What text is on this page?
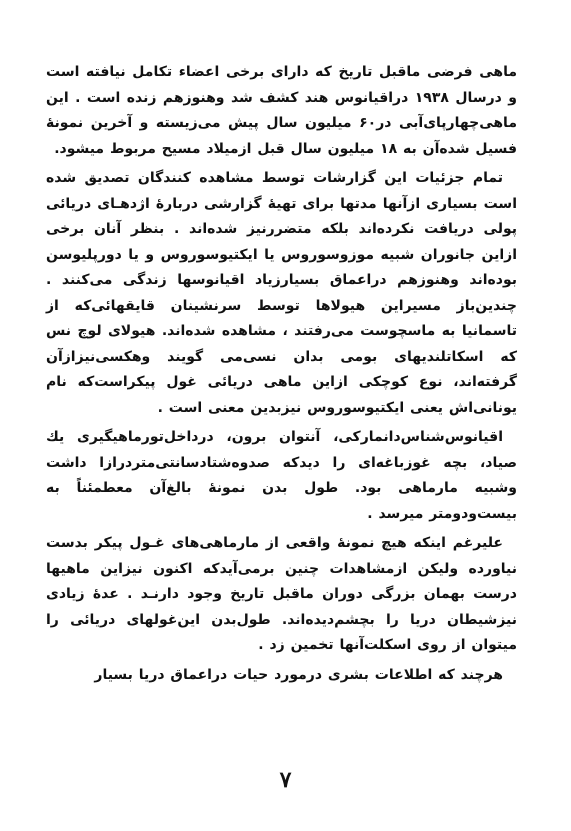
ماهی فرضی ماقبل تاریخ که دارای برخی اعضاء تکامل نیافته است و درسال ۱۹۳۸ دراقیانوس هند کشف شد وهنوزهم زنده است . این ماهی‌چهارپای‌آبی در۶۰ میلیون سال پیش می‌زیسته و آخرین نمونهٔ فسیل شده‌آن به ۱۸ میلیون سال قبل ازمیلاد مسیح مربوط میشود.

تمام جزئیات این گزارشات توسط مشاهده کنندگان تصدیق شده است بسیاری ازآنها مدتها برای تهیهٔ گزارشی دربارهٔ اژدهـای دریائی پولی دریافت نکرده‌اند بلکه متضررنیز شده‌اند . بنظر آنان برخی ازاین جانوران شبیه موزوسوروس یا ایکتیوسوروس و یا دورپلیوسن بوده‌اند وهنوزهم دراعماق بسیارزیاد اقیانوسها زندگی می‌کنند . چندین‌باز مسیراین هیولاها توسط سرنشینان قایقهائی‌که از تاسمانیا به ماسچوست می‌رفتند ، مشاهده شده‌اند. هیولای لوچ نس که اسکاتلندیهای بومی بدان نسی‌می گویند وهکسی‌نیزازآن گرفته‌اند، نوع کوچکی ازاین ماهی دریائی غول پیکراست‌که نام یونانی‌اش یعنی ایکتیوسوروس نیزبدین معنی است .

اقیانوس‌شناس‌دانمارکی، آنتوان برون، درداخل‌تورماهیگیری یك صیاد، بچه غوزباغه‌ای را دیدکه صدوه‌شتادسانتی‌متردرازا داشت وشبیه مارماهی بود. طول بدن نمونهٔ بالغ‌آن معطمئناً به بیست‌ودومتر میرسد .

علیرغم اینکه هیچ نمونهٔ واقعی از مارماهی‌های غـول پیکر بدست نیاورده ولیکن ازمشاهدات چنین برمی‌آیدکه اکنون نیزاین ماهیها درست بهمان بزرگی دوران ماقبل تاریخ وجود دارنـد . عدهٔ زیادی نیزشیطان دریا را بچشم‌دیده‌اند. طول‌بدن این‌غولهای دریائی را میتوان از روی اسکلت‌آنها تخمین زد .

هرچند که اطلاعات بشری درمورد حیات دراعماق دریا بسیار

۷
